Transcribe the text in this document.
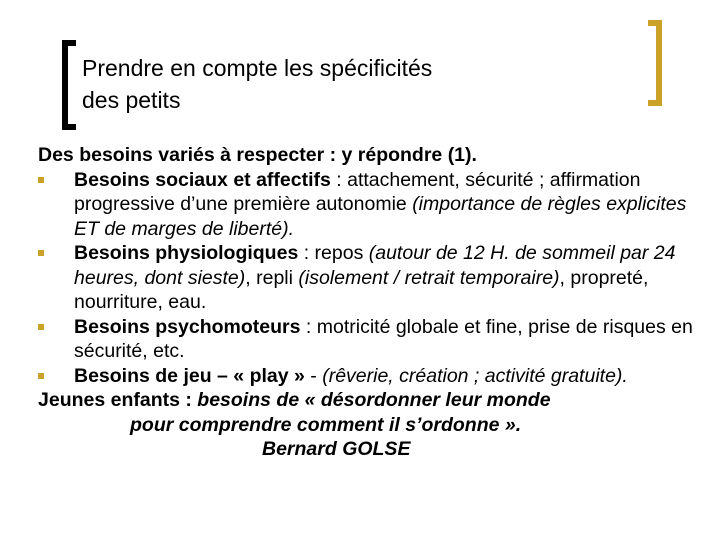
Prendre en compte les spécificités
des petits
Des besoins variés à respecter : y répondre (1).
Besoins sociaux et affectifs : attachement, sécurité ; affirmation progressive d’une première autonomie (importance de règles explicites ET de marges de liberté).
Besoins physiologiques : repos (autour de 12 H. de sommeil par 24 heures, dont sieste), repli (isolement / retrait temporaire), propreté, nourriture, eau.
Besoins psychomoteurs : motricité globale et fine, prise de risques en sécurité, etc.
Besoins de jeu – « play » - (rêverie, création ; activité gratuite).
Jeunes enfants : besoins de « désordonner leur monde
pour comprendre comment il s’ordonne ».
Bernard GOLSE
